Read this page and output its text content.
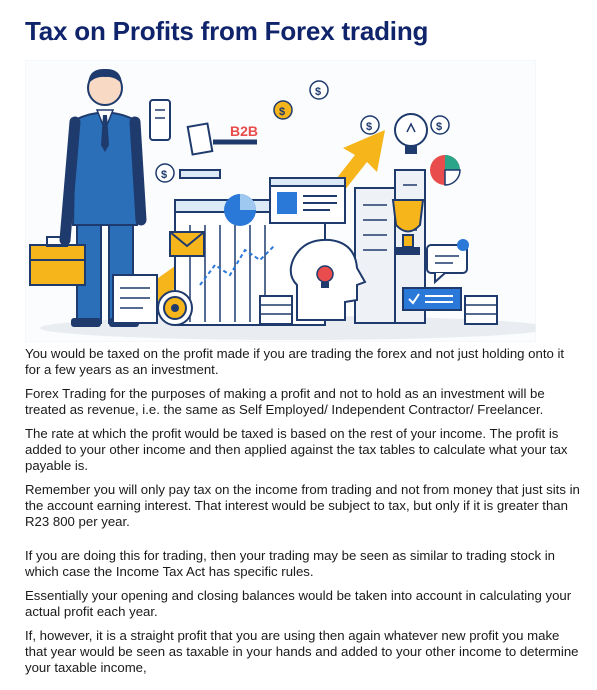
Tax on Profits from Forex trading
B2B
$
$
$
$
$

You would be taxed on the profit made if you are trading the forex and not just holding onto it for a few years as an investment.

Forex Trading for the purposes of making a profit and not to hold as an investment will be treated as revenue, i.e. the same as Self Employed/ Independent Contractor/ Freelancer.

The rate at which the profit would be taxed is based on the rest of your income. The profit is added to your other income and then applied against the tax tables to calculate what your tax payable is.

Remember you will only pay tax on the income from trading and not from money that just sits in the account earning interest. That interest would be subject to tax, but only if it is greater than R23 800 per year.

If you are doing this for trading, then your trading may be seen as similar to trading stock in which case the Income Tax Act has specific rules.

Essentially your opening and closing balances would be taken into account in calculating your actual profit each year.

If, however, it is a straight profit that you are using then again whatever new profit you make that year would be seen as taxable in your hands and added to your other income to determine your taxable income,
